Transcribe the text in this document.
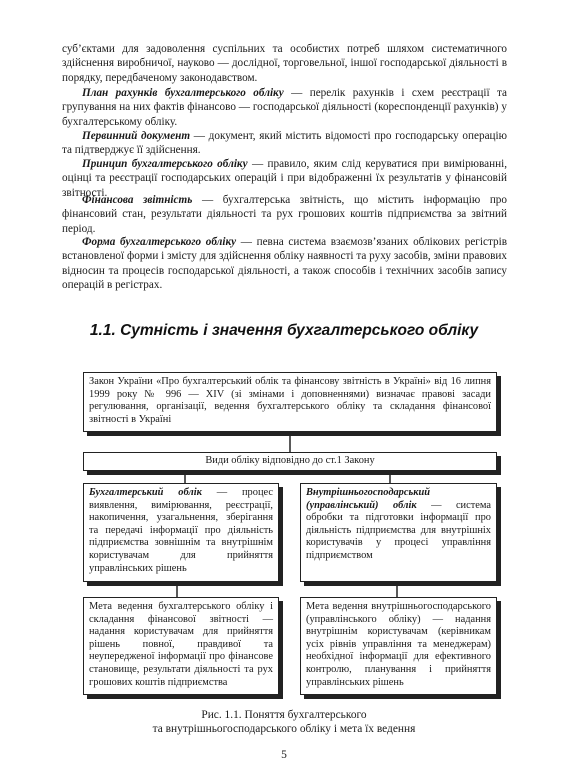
суб’єктами для задоволення суспільних та особистих потреб шляхом систематичного здійснення виробничої, науково — дослідної, торговельної, іншої господарської діяльності в порядку, передбаченому законодавством.
План рахунків бухгалтерського обліку — перелік рахунків і схем реєстрації та групування на них фактів фінансово — господарської діяльності (кореспонденції рахунків) у бухгалтерському обліку.
Первинний документ — документ, який містить відомості про господарську операцію та підтверджує її здійснення.
Принцип бухгалтерського обліку — правило, яким слід керуватися при вимірюванні, оцінці та реєстрації господарських операцій і при відображенні їх результатів у фінансовій звітності.
Фінансова звітність — бухгалтерська звітність, що містить інформацію про фінансовий стан, результати діяльності та рух грошових коштів підприємства за звітний період.
Форма бухгалтерського обліку — певна система взаємозв’язаних облікових регістрів встановленої форми і змісту для здійснення обліку наявності та руху засобів, зміни правових відносин та процесів господарської діяльності, а також способів і технічних засобів запису операцій в регістрах.
1.1. Сутність і значення бухгалтерського обліку
Закон України «Про бухгалтерський облік та фінансову звітність в Україні» від 16 липня 1999 року № 996 — XIV (зі змінами і доповненнями) визначає правові засади регулювання, організації, ведення бухгалтерського обліку та складання фінансової звітності в Україні
Види обліку відповідно до ст.1 Закону
Бухгалтерський облік — процес виявлення, вимірювання, реєстрації, накопичення, узагальнення, зберігання та передачі інформації про діяльність підприємства зовнішнім та внутрішнім користувачам для прийняття управлінських рішень
Внутрішньогосподарський (управлінський) облік — система обробки та підготовки інформації про діяльність підприємства для внутрішніх користувачів у процесі управління підприємством
Мета ведення бухгалтерського обліку і складання фінансової звітності — надання користувачам для прийняття рішень повної, правдивої та неупередженої інформації про фінансове становище, результати діяльності та рух грошових коштів підприємства
Мета ведення внутрішньогосподарського (управлінського обліку) — надання внутрішнім користувачам (керівникам усіх рівнів управління та менеджерам) необхідної інформації для ефективного контролю, планування і прийняття управлінських рішень
Рис. 1.1. Поняття бухгалтерського
та внутрішньогосподарського обліку і мета їх ведення
5
